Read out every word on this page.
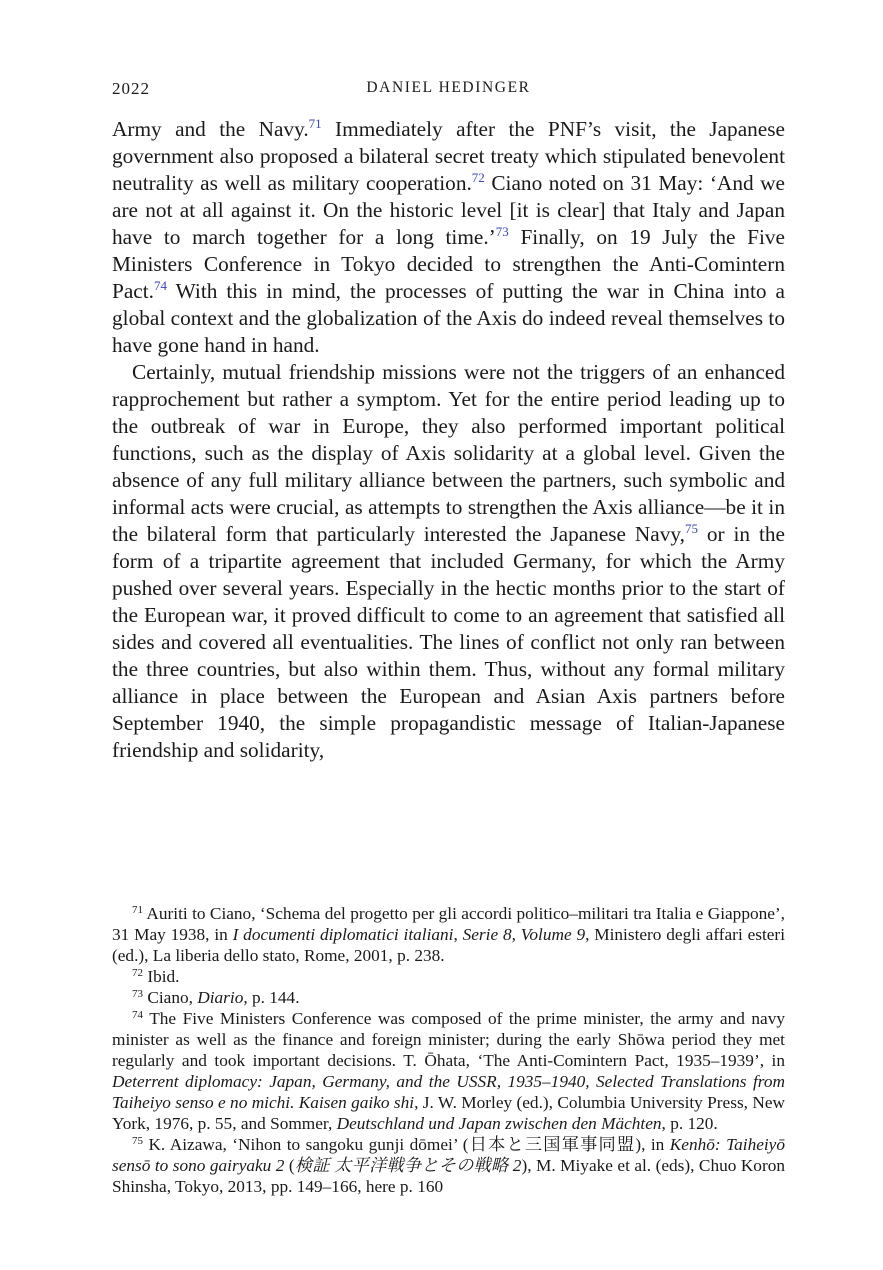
2022	DANIEL HEDINGER

Army and the Navy.$^{71}$ Immediately after the PNF’s visit, the Japanese government also proposed a bilateral secret treaty which stipulated benevolent neutrality as well as military cooperation.$^{72}$ Ciano noted on 31 May: ‘And we are not at all against it. On the historic level [it is clear] that Italy and Japan have to march together for a long time.’$^{73}$ Finally, on 19 July the Five Ministers Conference in Tokyo decided to strengthen the Anti-Comintern Pact.$^{74}$ With this in mind, the processes of putting the war in China into a global context and the globalization of the Axis do indeed reveal themselves to have gone hand in hand.

Certainly, mutual friendship missions were not the triggers of an enhanced rapprochement but rather a symptom. Yet for the entire period leading up to the outbreak of war in Europe, they also performed important political functions, such as the display of Axis solidarity at a global level. Given the absence of any full military alliance between the partners, such symbolic and informal acts were crucial, as attempts to strengthen the Axis alliance—be it in the bilateral form that particularly interested the Japanese Navy,$^{75}$ or in the form of a tripartite agreement that included Germany, for which the Army pushed over several years. Especially in the hectic months prior to the start of the European war, it proved difficult to come to an agreement that satisfied all sides and covered all eventualities. The lines of conflict not only ran between the three countries, but also within them. Thus, without any formal military alliance in place between the European and Asian Axis partners before September 1940, the simple propagandistic message of Italian-Japanese friendship and solidarity,

$^{71}$ Auriti to Ciano, ‘Schema del progetto per gli accordi politico–militari tra Italia e Giappone’, 31 May 1938, in I documenti diplomatici italiani, Serie 8, Volume 9, Ministero degli affari esteri (ed.), La liberia dello stato, Rome, 2001, p. 238.

$^{72}$ Ibid.

$^{73}$ Ciano, Diario, p. 144.

$^{74}$ The Five Ministers Conference was composed of the prime minister, the army and navy minister as well as the finance and foreign minister; during the early Shōwa period they met regularly and took important decisions. T. Ōhata, ‘The Anti-Comintern Pact, 1935–1939’, in Deterrent diplomacy: Japan, Germany, and the USSR, 1935–1940, Selected Translations from Taiheiyo senso e no michi. Kaisen gaiko shi, J. W. Morley (ed.), Columbia University Press, New York, 1976, p. 55, and Sommer, Deutschland und Japan zwischen den Mächten, p. 120.

$^{75}$ K. Aizawa, ‘Nihon to sangoku gunji dōmei’ (日本と三国軍事同盟), in Kenhō: Taiheiyō sensō to sono gairyaku 2 (検証 太平洋戦争とその戦略 2), M. Miyake et al. (eds), Chuo Koron Shinsha, Tokyo, 2013, pp. 149–166, here p. 160
